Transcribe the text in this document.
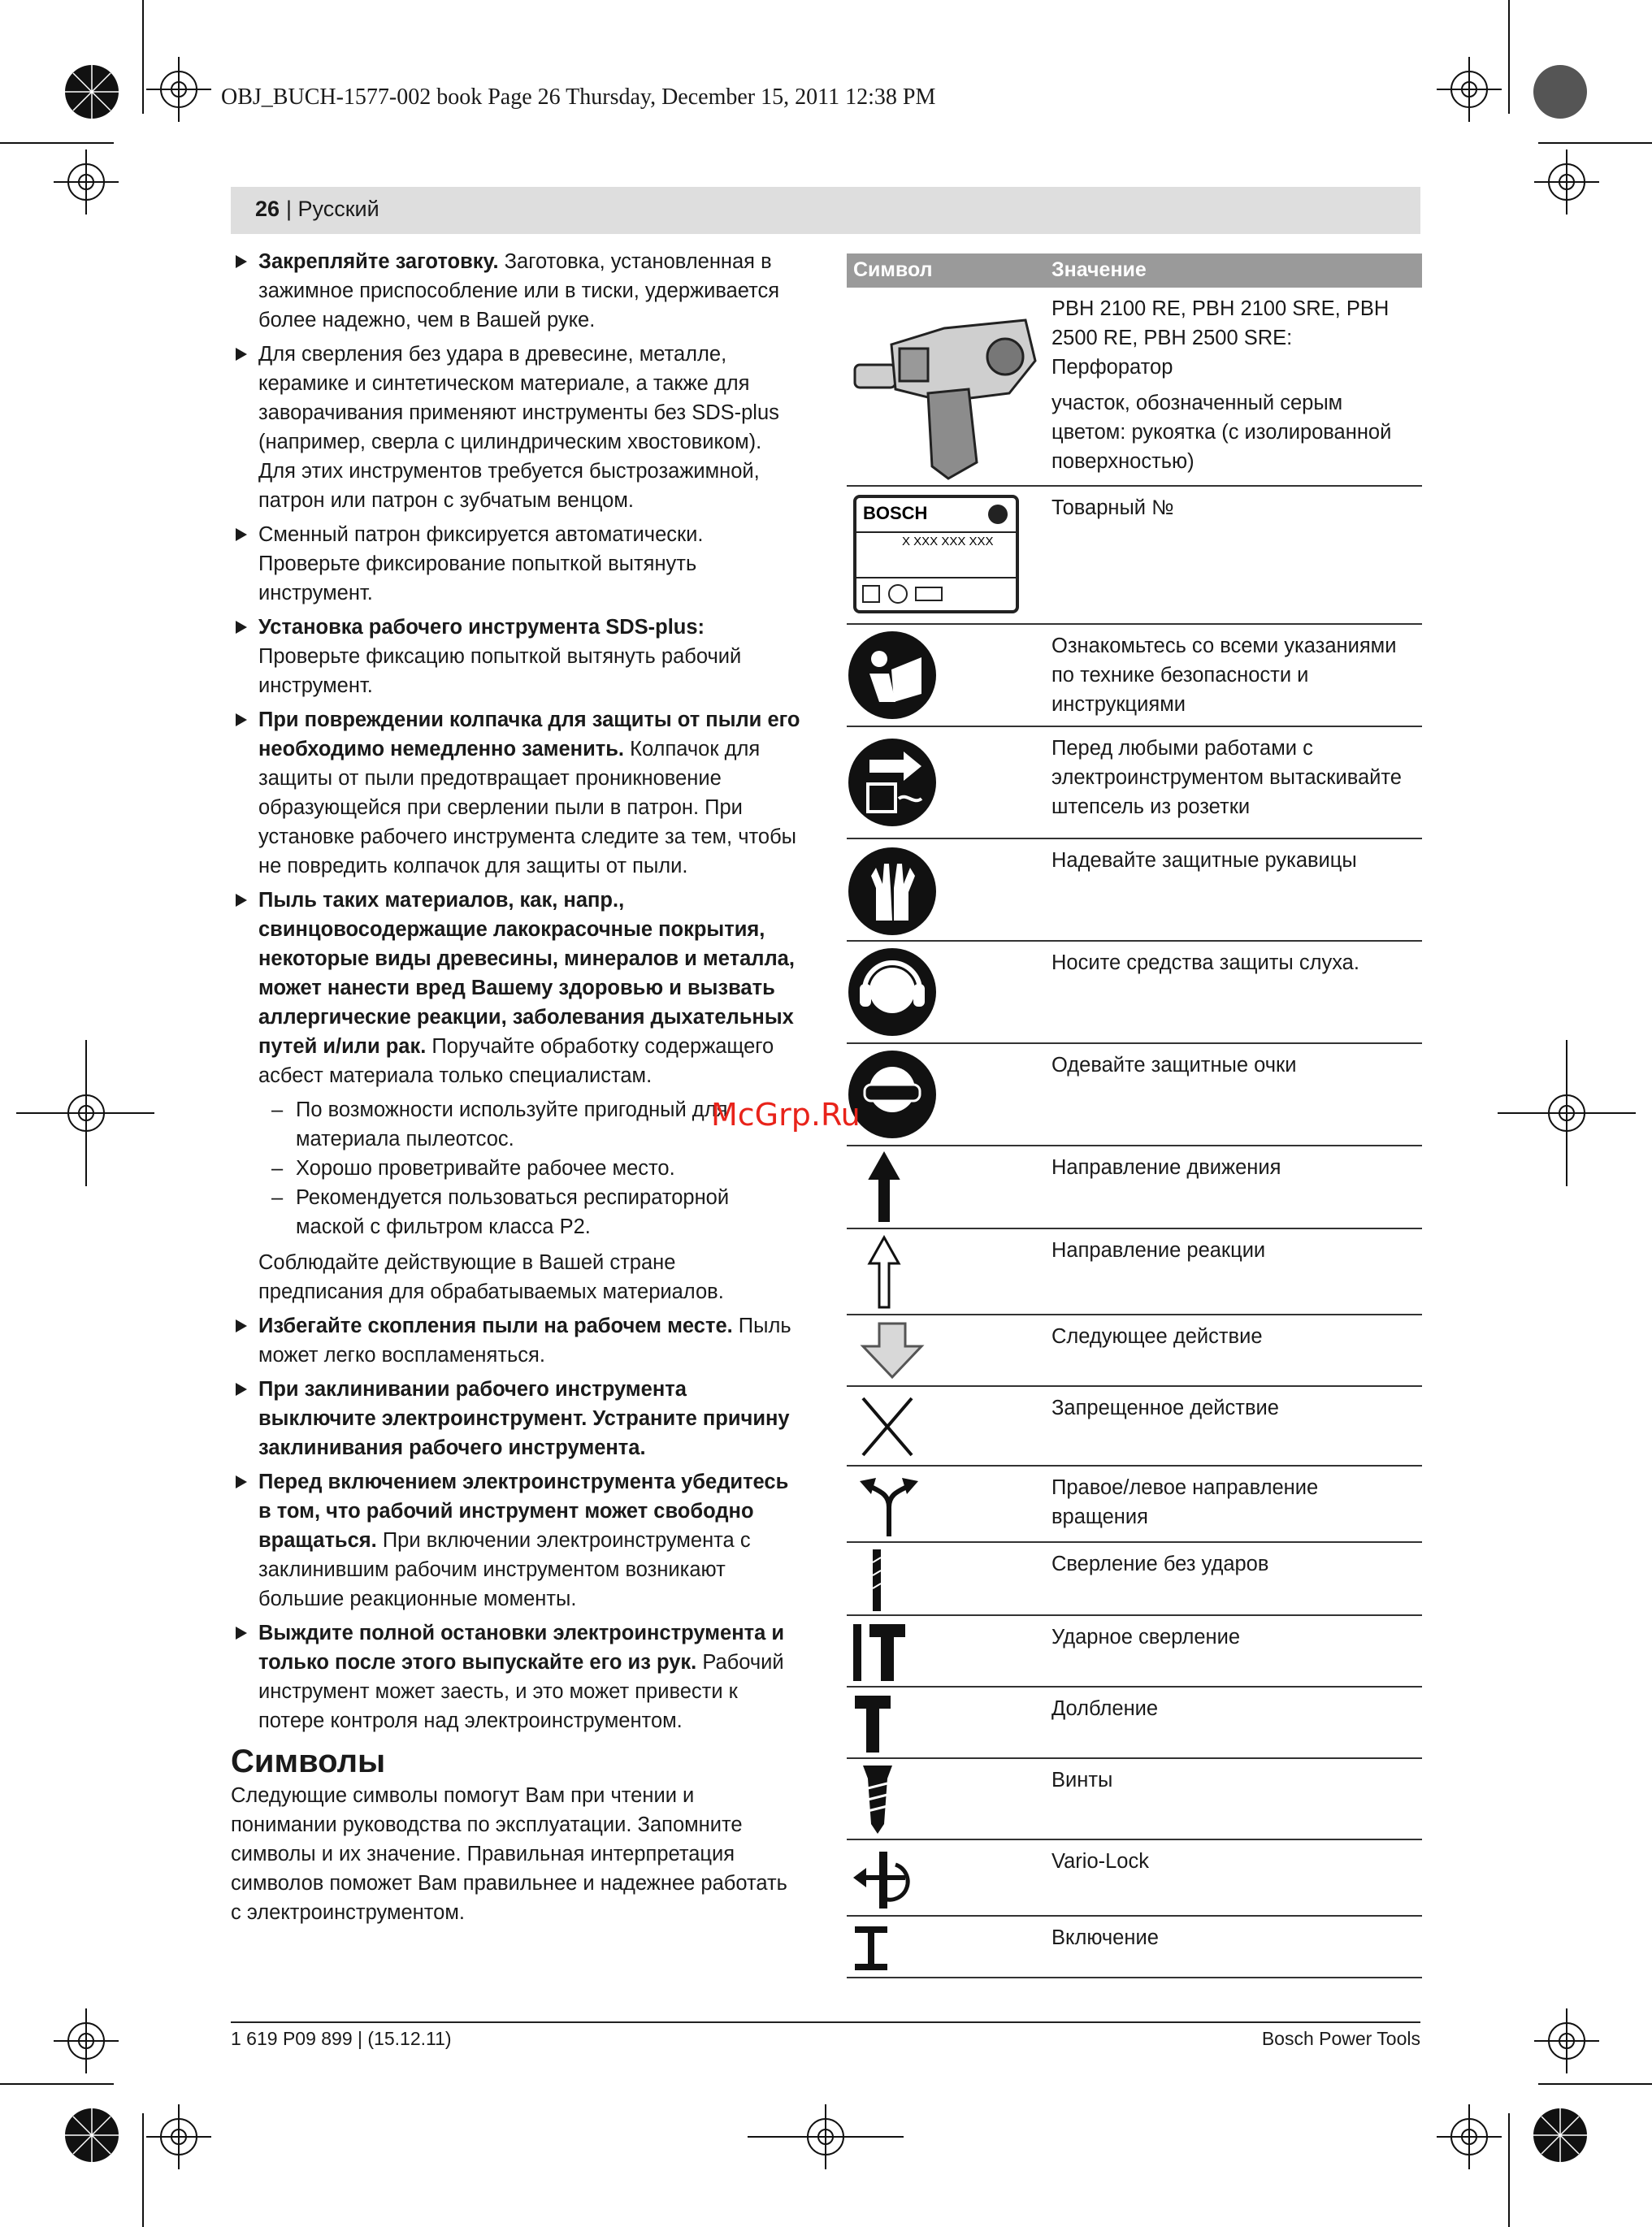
OBJ_BUCH-1577-002 book Page 26 Thursday, December 15, 2011 12:38 PM
26 | Русский
Закрепляйте заготовку. Заготовка, установленная в зажимное приспособление или в тиски, удерживается более надежно, чем в Вашей руке.
Для сверления без удара в древесине, металле, керамике и синтетическом материале, а также для заворачивания применяют инструменты без SDS-plus (например, сверла с цилиндрическим хвостовиком). Для этих инструментов требуется быстрозажимной, патрон или патрон с зубчатым венцом.
Сменный патрон фиксируется автоматически. Проверьте фиксирование попыткой вытянуть инструмент.
Установка рабочего инструмента SDS-plus: Проверьте фиксацию попыткой вытянуть рабочий инструмент.
При повреждении колпачка для защиты от пыли его необходимо немедленно заменить. Колпачок для защиты от пыли предотвращает проникновение образующейся при сверлении пыли в патрон. При установке рабочего инструмента следите за тем, чтобы не повредить колпачок для защиты от пыли.
Пыль таких материалов, как, напр., свинцовосодержащие лакокрасочные покрытия, некоторые виды древесины, минералов и металла, может нанести вред Вашему здоровью и вызвать аллергические реакции, заболевания дыхательных путей и/или рак. Поручайте обработку содержащего асбест материала только специалистам.
– По возможности используйте пригодный для материала пылеотсос.
– Хорошо проветривайте рабочее место.
– Рекомендуется пользоваться респираторной маской с фильтром класса Р2.
Соблюдайте действующие в Вашей стране предписания для обрабатываемых материалов.
Избегайте скопления пыли на рабочем месте. Пыль может легко воспламеняться.
При заклинивании рабочего инструмента выключите электроинструмент. Устраните причину заклинивания рабочего инструмента.
Перед включением электроинструмента убедитесь в том, что рабочий инструмент может свободно вращаться. При включении электроинструмента с заклинившим рабочим инструментом возникают большие реакционные моменты.
Выждите полной остановки электроинструмента и только после этого выпускайте его из рук. Рабочий инструмент может заесть, и это может привести к потере контроля над электроинструментом.
Символы

Следующие символы помогут Вам при чтении и понимании руководства по эксплуатации. Запомните символы и их значение. Правильная интерпретация символов поможет Вам правильнее и надежнее работать с электроинструментом.

Символ	Значение

PBH 2100 RE, PBH 2100 SRE, PBH 2500 RE, PBH 2500 SRE: Перфоратор

участок, обозначенный серым цветом: рукоятка (с изолированной поверхностью)

BOSCH
X XXX XXX XXX

Товарный №

Ознакомьтесь со всеми указаниями по технике безопасности и инструкциями

Перед любыми работами с электроинструментом вытаскивайте штепсель из розетки

Надевайте защитные рукавицы

Носите средства защиты слуха.

Одевайте защитные очки

Направление движения

Направление реакции

Следующее действие

Запрещенное действие

Правое/левое направление вращения

Сверление без ударов

Ударное сверление

Долбление

Винты

Vario-Lock

Включение

McGrp.Ru
1 619 P09 899 | (15.12.11)	Bosch Power Tools
